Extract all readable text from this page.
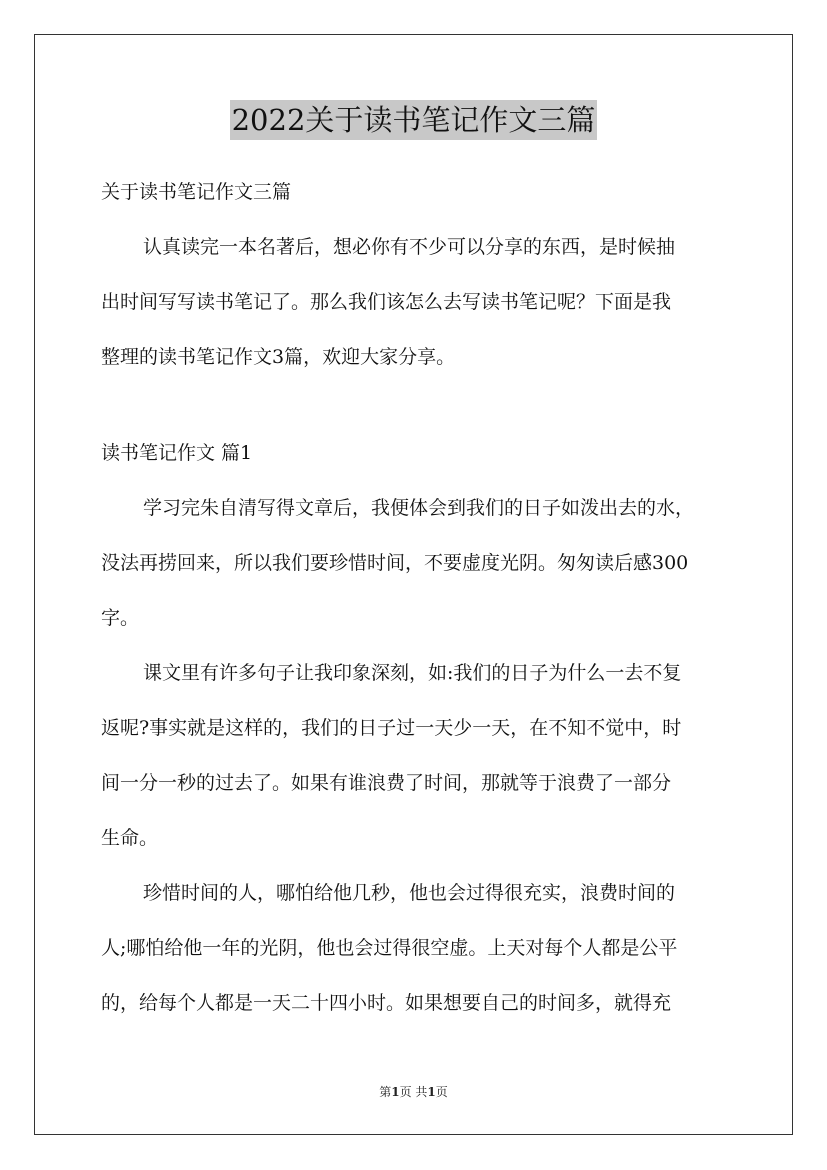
2022关于读书笔记作文三篇
关于读书笔记作文三篇
认真读完一本名著后，想必你有不少可以分享的东西，是时候抽
出时间写写读书笔记了。那么我们该怎么去写读书笔记呢？下面是我
整理的读书笔记作文3篇，欢迎大家分享。
读书笔记作文 篇1
学习完朱自清写得文章后，我便体会到我们的日子如泼出去的水，
没法再捞回来，所以我们要珍惜时间，不要虚度光阴。匆匆读后感300
字。
课文里有许多句子让我印象深刻，如:我们的日子为什么一去不复
返呢?事实就是这样的，我们的日子过一天少一天，在不知不觉中，时
间一分一秒的过去了。如果有谁浪费了时间，那就等于浪费了一部分
生命。
珍惜时间的人，哪怕给他几秒，他也会过得很充实，浪费时间的
人;哪怕给他一年的光阴，他也会过得很空虚。上天对每个人都是公平
的，给每个人都是一天二十四小时。如果想要自己的时间多，就得充
第1页 共1页
